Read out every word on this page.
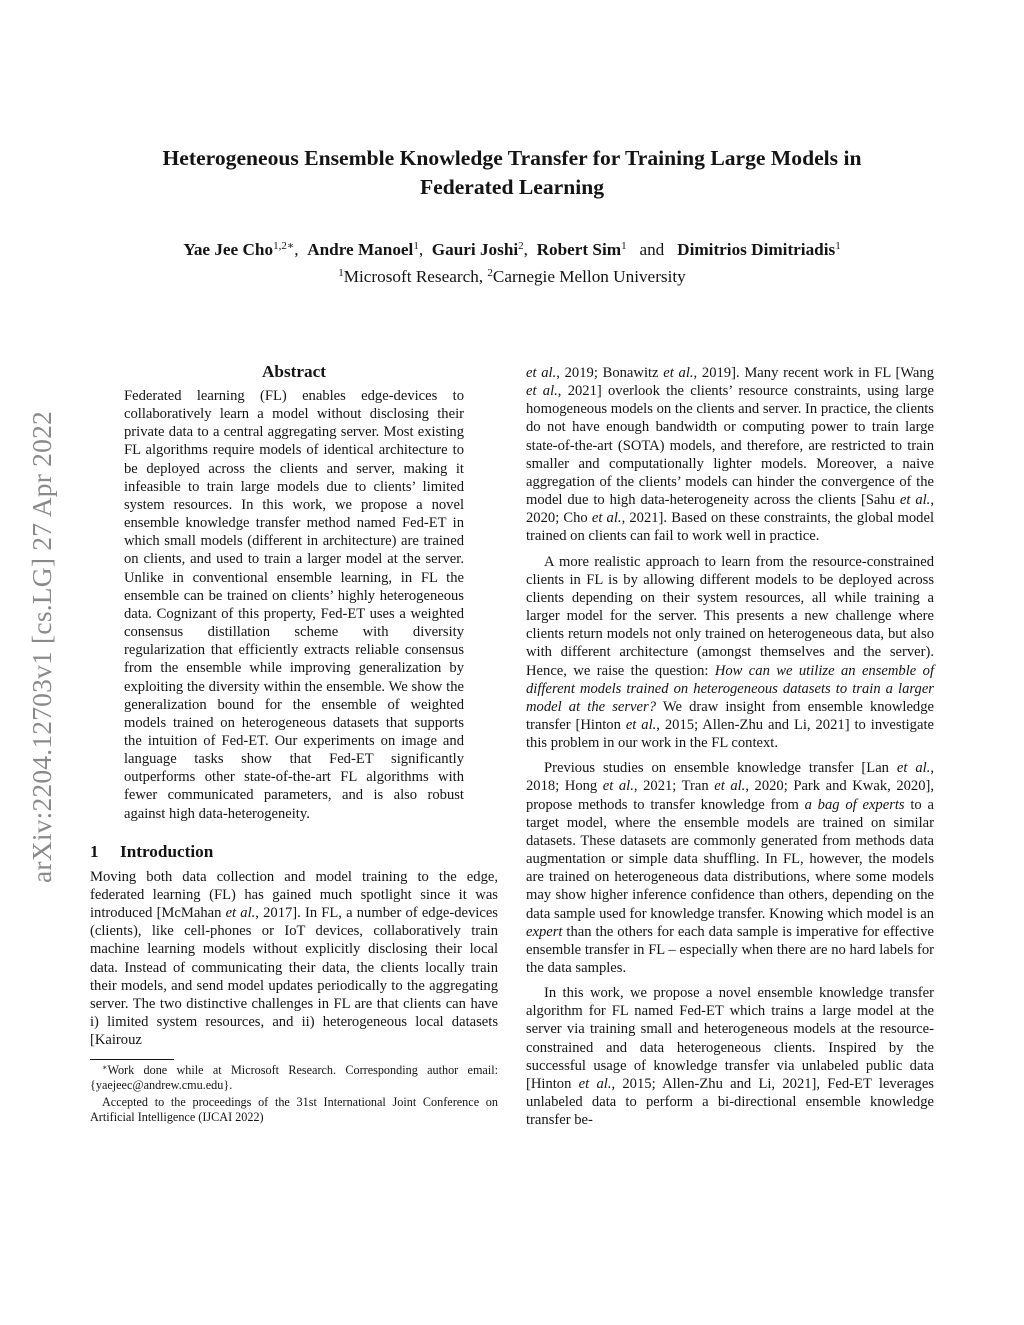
arXiv:2204.12703v1 [cs.LG] 27 Apr 2022
Heterogeneous Ensemble Knowledge Transfer for Training Large Models in
Federated Learning
Yae Jee Cho$^{1,2∗}$, Andre Manoel$^1$, Gauri Joshi$^2$, Robert Sim$^1$ and Dimitrios Dimitriadis$^1$
$^1$Microsoft Research, $^2$Carnegie Mellon University
Abstract

Federated learning (FL) enables edge-devices to collaboratively learn a model without disclosing their private data to a central aggregating server. Most existing FL algorithms require models of identical architecture to be deployed across the clients and server, making it infeasible to train large models due to clients’ limited system resources. In this work, we propose a novel ensemble knowledge transfer method named Fed-ET in which small models (different in architecture) are trained on clients, and used to train a larger model at the server. Unlike in conventional ensemble learning, in FL the ensemble can be trained on clients’ highly heterogeneous data. Cognizant of this property, Fed-ET uses a weighted consensus distillation scheme with diversity regularization that efficiently extracts reliable consensus from the ensemble while improving generalization by exploiting the diversity within the ensemble. We show the generalization bound for the ensemble of weighted models trained on heterogeneous datasets that supports the intuition of Fed-ET. Our experiments on image and language tasks show that Fed-ET significantly outperforms other state-of-the-art FL algorithms with fewer communicated parameters, and is also robust against high data-heterogeneity.

1 Introduction

Moving both data collection and model training to the edge, federated learning (FL) has gained much spotlight since it was introduced [McMahan et al., 2017]. In FL, a number of edge-devices (clients), like cell-phones or IoT devices, collaboratively train machine learning models without explicitly disclosing their local data. Instead of communicating their data, the clients locally train their models, and send model updates periodically to the aggregating server. The two distinctive challenges in FL are that clients can have i) limited system resources, and ii) heterogeneous local datasets [Kairouz

∗Work done while at Microsoft Research. Corresponding author email: {yaejeec@andrew.cmu.edu}.

Accepted to the proceedings of the 31st International Joint Conference on Artificial Intelligence (IJCAI 2022)

et al., 2019; Bonawitz et al., 2019]. Many recent work in FL [Wang et al., 2021] overlook the clients’ resource constraints, using large homogeneous models on the clients and server. In practice, the clients do not have enough bandwidth or computing power to train large state-of-the-art (SOTA) models, and therefore, are restricted to train smaller and computationally lighter models. Moreover, a naive aggregation of the clients’ models can hinder the convergence of the model due to high data-heterogeneity across the clients [Sahu et al., 2020; Cho et al., 2021]. Based on these constraints, the global model trained on clients can fail to work well in practice.

A more realistic approach to learn from the resource-constrained clients in FL is by allowing different models to be deployed across clients depending on their system resources, all while training a larger model for the server. This presents a new challenge where clients return models not only trained on heterogeneous data, but also with different architecture (amongst themselves and the server). Hence, we raise the question: How can we utilize an ensemble of different models trained on heterogeneous datasets to train a larger model at the server? We draw insight from ensemble knowledge transfer [Hinton et al., 2015; Allen-Zhu and Li, 2021] to investigate this problem in our work in the FL context.

Previous studies on ensemble knowledge transfer [Lan et al., 2018; Hong et al., 2021; Tran et al., 2020; Park and Kwak, 2020], propose methods to transfer knowledge from a bag of experts to a target model, where the ensemble models are trained on similar datasets. These datasets are commonly generated from methods data augmentation or simple data shuffling. In FL, however, the models are trained on heterogeneous data distributions, where some models may show higher inference confidence than others, depending on the data sample used for knowledge transfer. Knowing which model is an expert than the others for each data sample is imperative for effective ensemble transfer in FL – especially when there are no hard labels for the data samples.

In this work, we propose a novel ensemble knowledge transfer algorithm for FL named Fed-ET which trains a large model at the server via training small and heterogeneous models at the resource-constrained and data heterogeneous clients. Inspired by the successful usage of knowledge transfer via unlabeled public data [Hinton et al., 2015; Allen-Zhu and Li, 2021], Fed-ET leverages unlabeled data to perform a bi-directional ensemble knowledge transfer be-
